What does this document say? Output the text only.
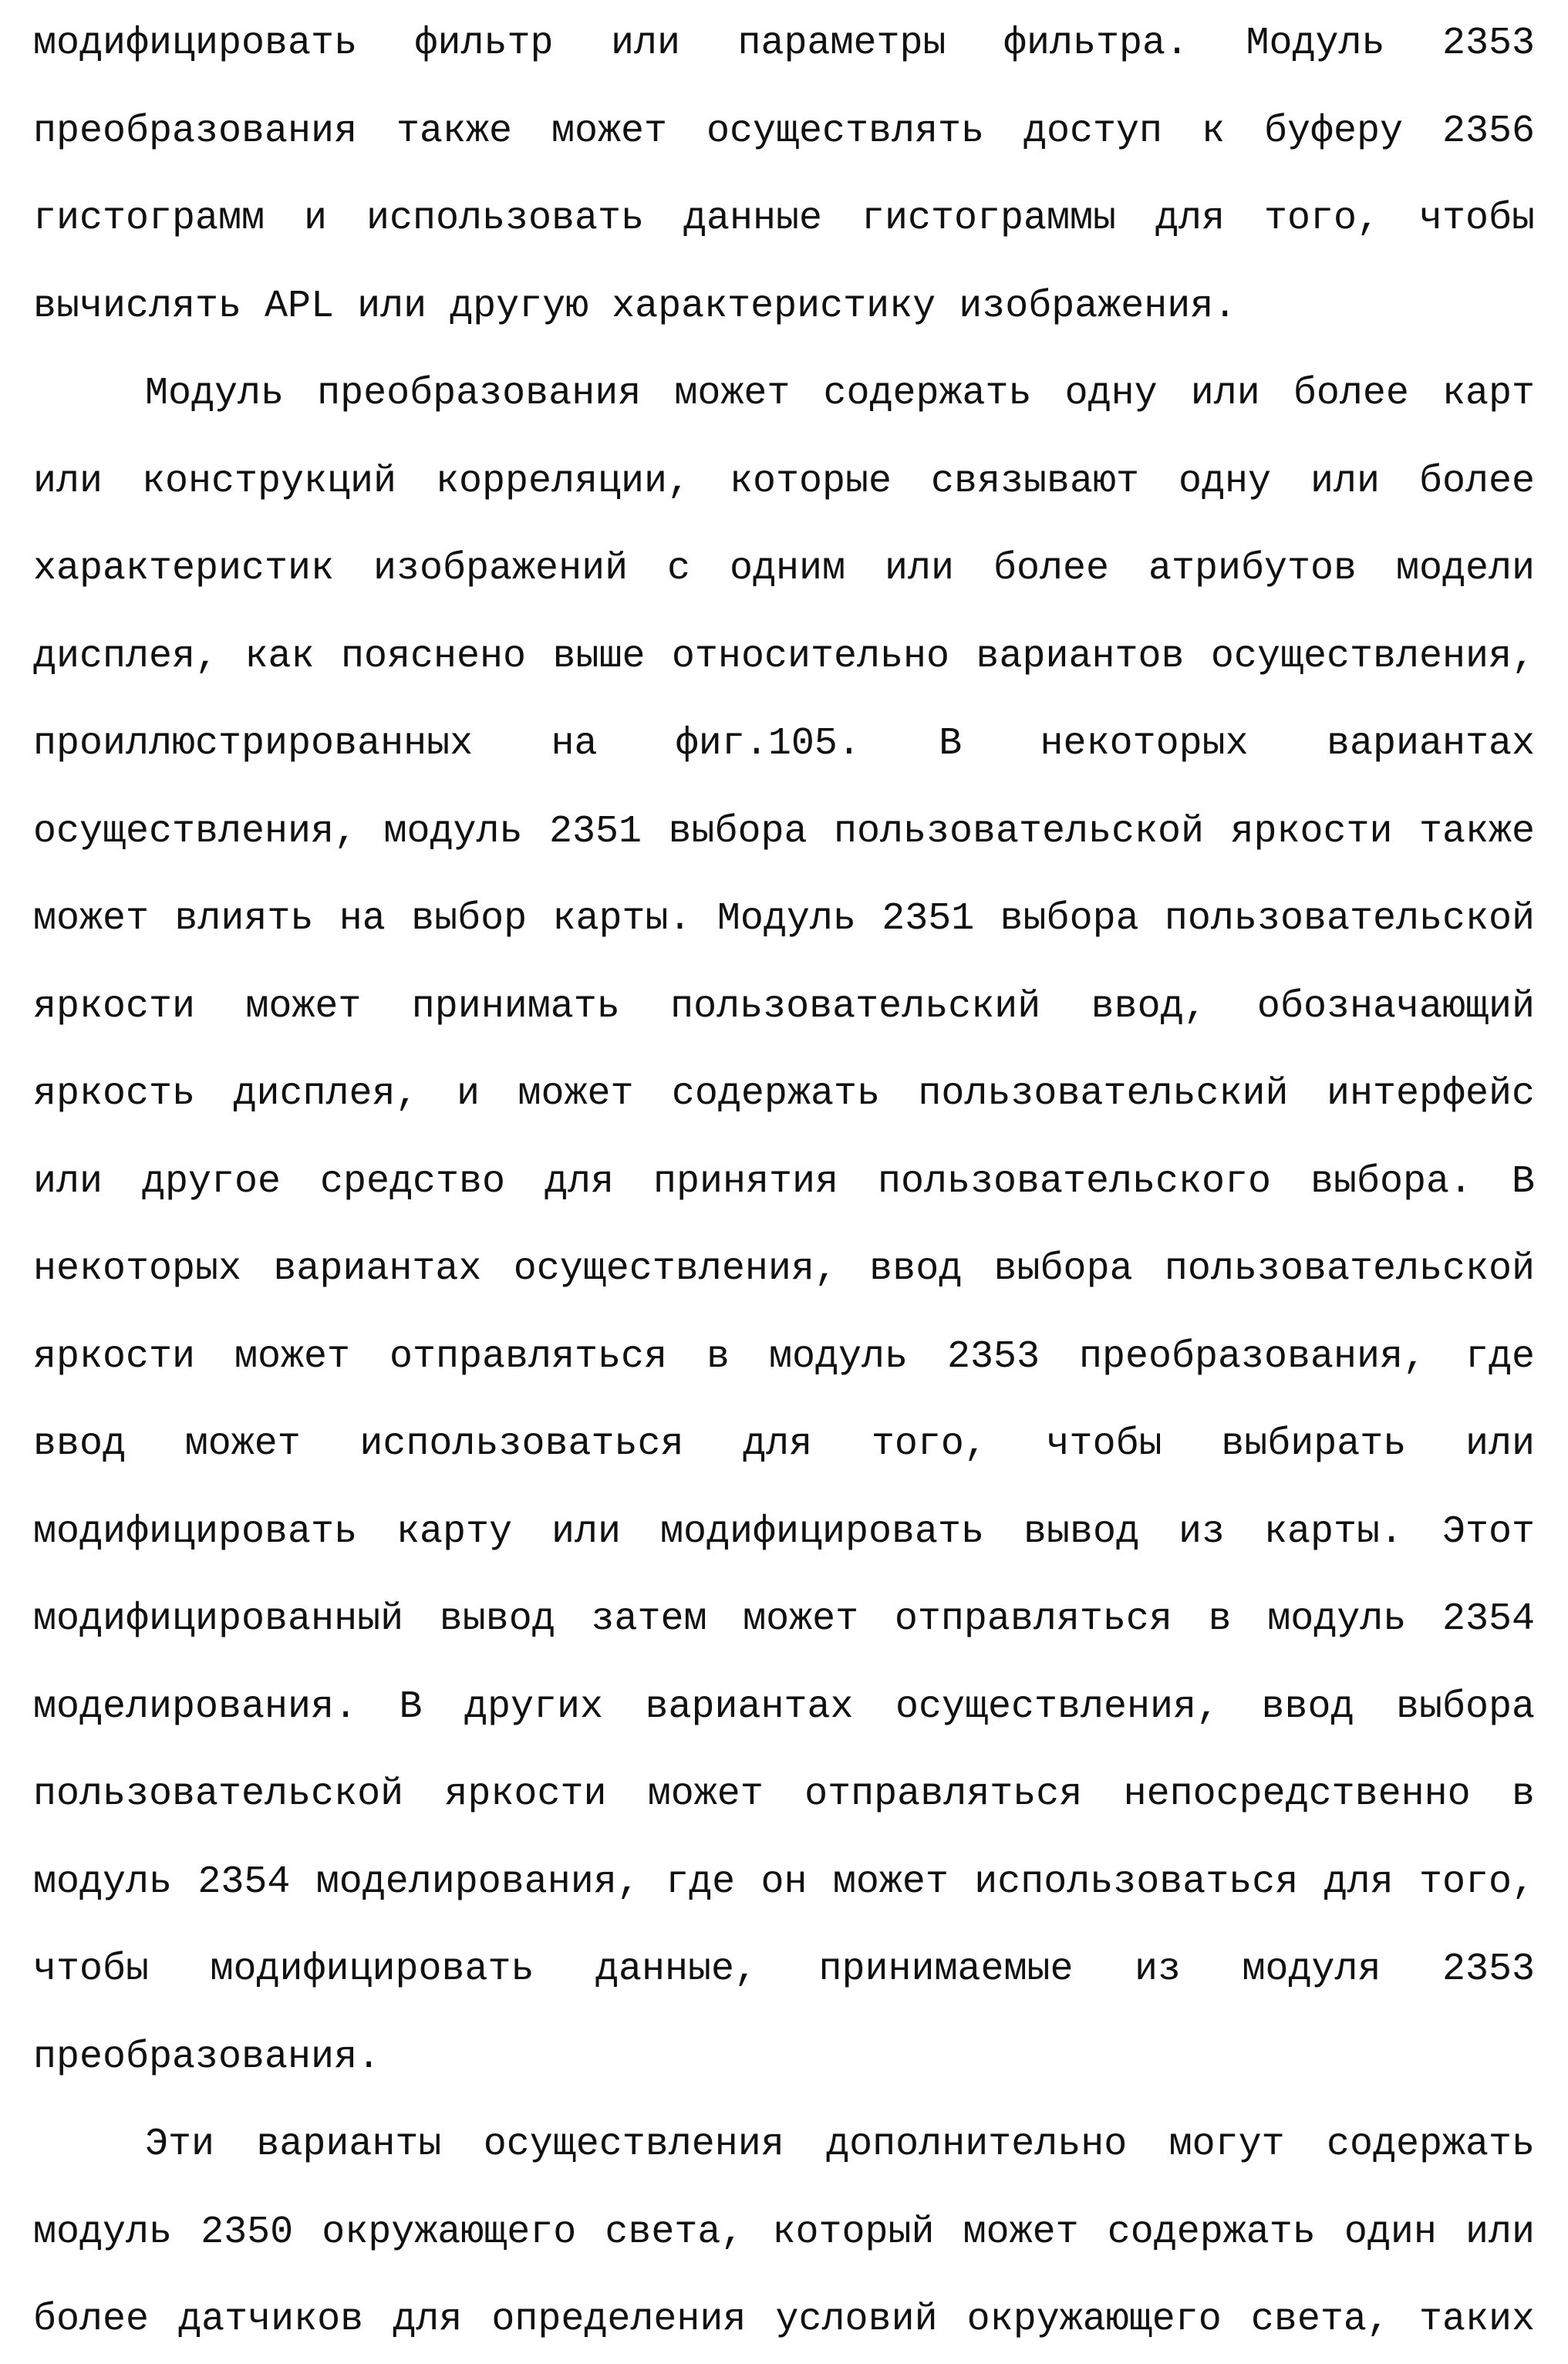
модифицировать фильтр или параметры фильтра. Модуль 2353
преобразования также может осуществлять доступ к буферу 2356
гистограмм и использовать данные гистограммы для того, чтобы
вычислять APL или другую характеристику изображения.
Модуль преобразования может содержать одну или более карт
или конструкций корреляции, которые связывают одну или более
характеристик изображений с одним или более атрибутов модели
дисплея, как пояснено выше относительно вариантов осуществления,
проиллюстрированных на фиг.105. В некоторых вариантах
осуществления, модуль 2351 выбора пользовательской яркости также
может влиять на выбор карты. Модуль 2351 выбора пользовательской
яркости может принимать пользовательский ввод, обозначающий
яркость дисплея, и может содержать пользовательский интерфейс
или другое средство для принятия пользовательского выбора. В
некоторых вариантах осуществления, ввод выбора пользовательской
яркости может отправляться в модуль 2353 преобразования, где
ввод может использоваться для того, чтобы выбирать или
модифицировать карту или модифицировать вывод из карты. Этот
модифицированный вывод затем может отправляться в модуль 2354
моделирования. В других вариантах осуществления, ввод выбора
пользовательской яркости может отправляться непосредственно в
модуль 2354 моделирования, где он может использоваться для того,
чтобы модифицировать данные, принимаемые из модуля 2353
преобразования.
Эти варианты осуществления дополнительно могут содержать
модуль 2350 окружающего света, который может содержать один или
более датчиков для определения условий окружающего света, таких
